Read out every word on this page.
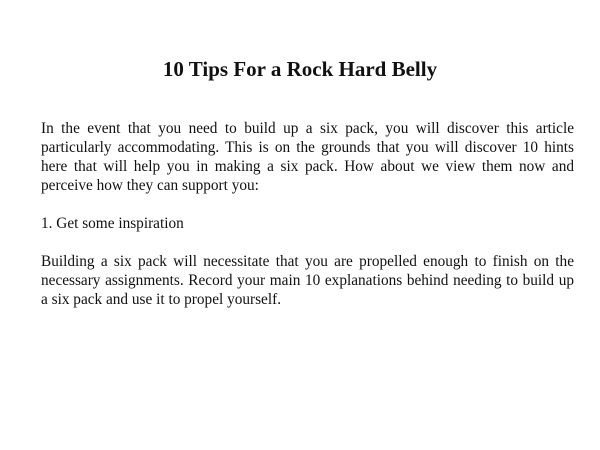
10 Tips For a Rock Hard Belly

In the event that you need to build up a six pack, you will discover this article particularly accommodating. This is on the grounds that you will discover 10 hints here that will help you in making a six pack. How about we view them now and perceive how they can support you:

1. Get some inspiration

Building a six pack will necessitate that you are propelled enough to finish on the necessary assignments. Record your main 10 explanations behind needing to build up a six pack and use it to propel yourself.
